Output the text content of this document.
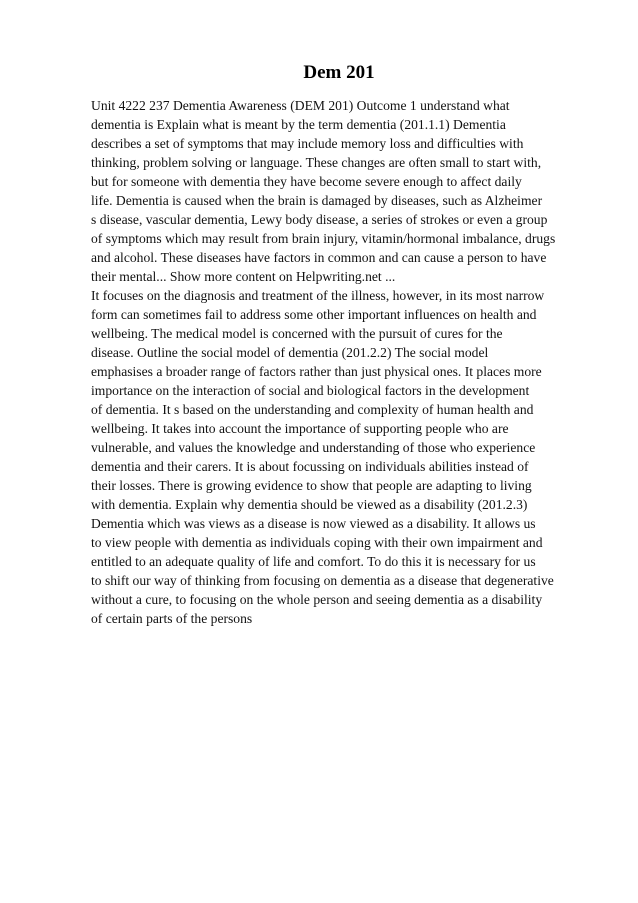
Dem 201
Unit 4222 237 Dementia Awareness (DEM 201) Outcome 1 understand what
dementia is Explain what is meant by the term dementia (201.1.1) Dementia
describes a set of symptoms that may include memory loss and difficulties with
thinking, problem solving or language. These changes are often small to start with,
but for someone with dementia they have become severe enough to affect daily
life. Dementia is caused when the brain is damaged by diseases, such as Alzheimer
s disease, vascular dementia, Lewy body disease, a series of strokes or even a group
of symptoms which may result from brain injury, vitamin/hormonal imbalance, drugs
and alcohol. These diseases have factors in common and can cause a person to have
their mental... Show more content on Helpwriting.net ...
It focuses on the diagnosis and treatment of the illness, however, in its most narrow
form can sometimes fail to address some other important influences on health and
wellbeing. The medical model is concerned with the pursuit of cures for the
disease. Outline the social model of dementia (201.2.2) The social model
emphasises a broader range of factors rather than just physical ones. It places more
importance on the interaction of social and biological factors in the development
of dementia. It s based on the understanding and complexity of human health and
wellbeing. It takes into account the importance of supporting people who are
vulnerable, and values the knowledge and understanding of those who experience
dementia and their carers. It is about focussing on individuals abilities instead of
their losses. There is growing evidence to show that people are adapting to living
with dementia. Explain why dementia should be viewed as a disability (201.2.3)
Dementia which was views as a disease is now viewed as a disability. It allows us
to view people with dementia as individuals coping with their own impairment and
entitled to an adequate quality of life and comfort. To do this it is necessary for us
to shift our way of thinking from focusing on dementia as a disease that degenerative
without a cure, to focusing on the whole person and seeing dementia as a disability
of certain parts of the persons
